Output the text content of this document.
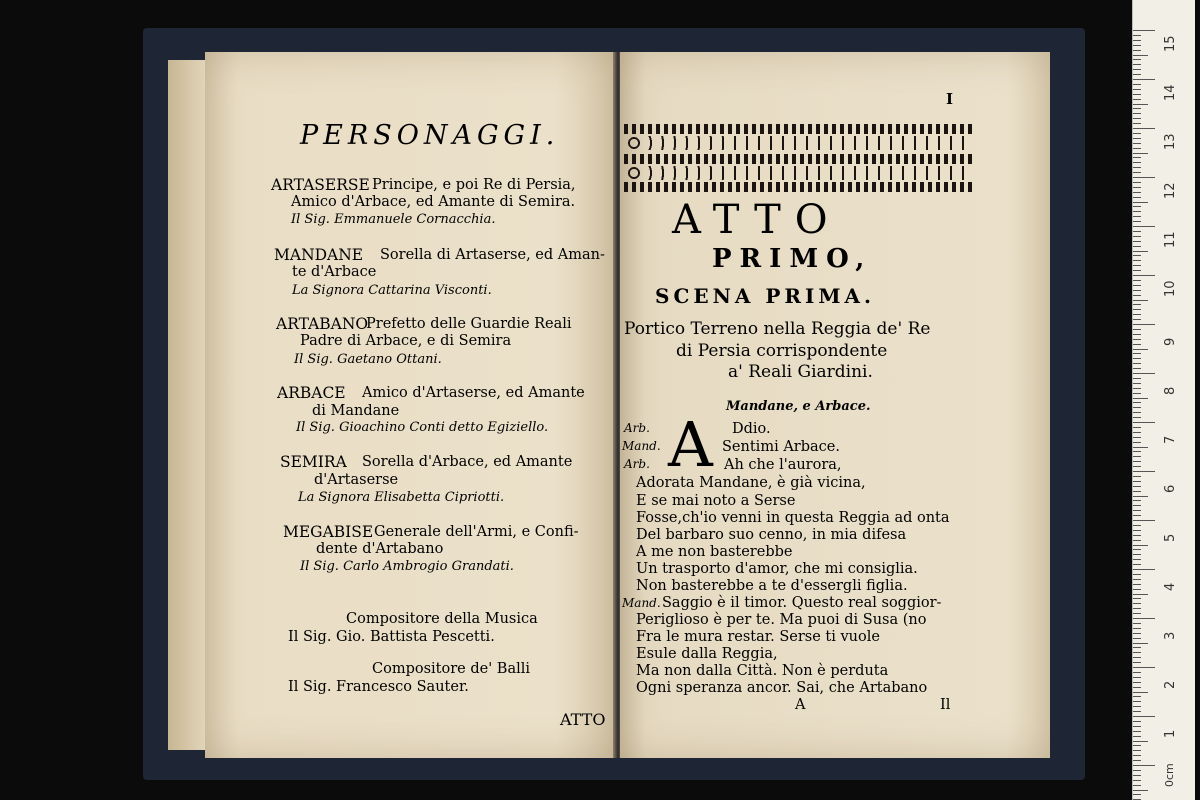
PERSONAGGI.
ARTASERSE Principe, e poi Re di Persia,
Amico d'Arbace, ed Amante di Semira.
Il Sig. Emmanuele Cornacchia.
MANDANE Sorella di Artaserse, ed Aman-
te d'Arbace
La Signora Cattarina Visconti.
ARTABANO
Prefetto delle Guardie Reali
Padre di Arbace, e di Semira
Il Sig. Gaetano Ottani.
ARBACE Amico d'Artaserse, ed Amante
di Mandane
Il Sig. Gioachino Conti detto Egiziello.
SEMIRA Sorella d'Arbace, ed Amante
d'Artaserse
La Signora Elisabetta Cipriotti.
MEGABISE Generale dell'Armi, e Confi-
dente d'Artabano
Il Sig. Carlo Ambrogio Grandati.
Compositore della Musica
Il Sig. Gio. Battista Pescetti.
Compositore de' Balli
Il Sig. Francesco Sauter.
ATTO
I
ATTO
PRIMO,
SCENA PRIMA.
Portico Terreno nella Reggia de' Re
di Persia corrispondente
a' Reali Giardini.
Mandane, e Arbace.
A
Arb.	Ddio.
Mand.	Sentimi Arbace.
Arb.	Ah che l'aurora,
Adorata Mandane, è già vicina,
E se mai noto a Serse
Fosse,ch'io venni in questa Reggia ad onta
Del barbaro suo cenno, in mia difesa
A me non basterebbe
Un trasporto d'amor, che mi consiglia.
Non basterebbe a te d'essergli figlia.
Mand. Saggio è il timor. Questo real soggior-
Periglioso è per te. Ma puoi di Susa (no
Fra le mura restar. Serse ti vuole
Esule dalla Reggia,
Ma non dalla Città. Non è perduta
Ogni speranza ancor. Sai, che Artabano
A	Il
15
14
13
12
11
10
9
8
7
6
5
4
3
2
1
0cm
